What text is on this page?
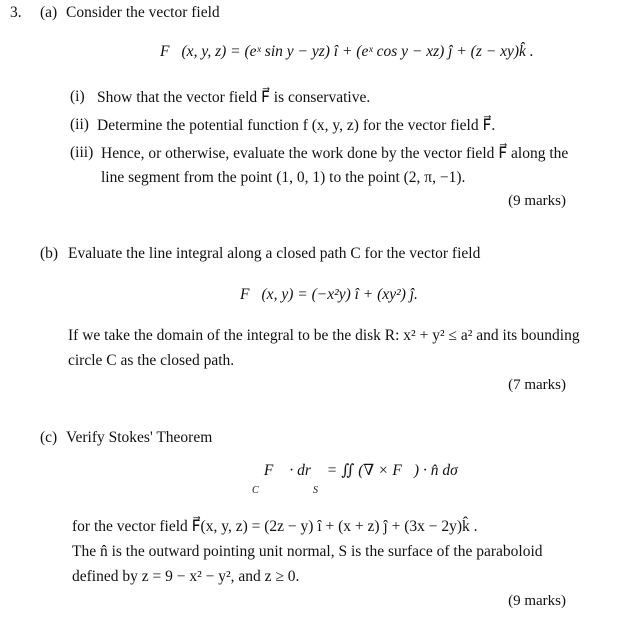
3. (a) Consider the vector field
F⃗(x, y, z) = (eˣ sin y − yz) î + (eˣ cos y − xz) ĵ + (z − xy)k̂ .
(i) Show that the vector field F⃗ is conservative.
(ii) Determine the potential function f (x, y, z) for the vector field F⃗.
(iii) Hence, or otherwise, evaluate the work done by the vector field F⃗ along the
line segment from the point (1, 0, 1) to the point (2, π, −1).
(9 marks)
(b) Evaluate the line integral along a closed path C for the vector field
F⃗(x, y) = (−x²y) î + (xy²) ĵ.
If we take the domain of the integral to be the disk R: x² + y² ≤ a² and its bounding
circle C as the closed path.
(7 marks)
(c) Verify Stokes' Theorem
∮ F⃗ · dr⃗ = ∬ (∇ × F⃗) · n̂ dσ
C	S
for the vector field F⃗(x, y, z) = (2z − y) î + (x + z) ĵ + (3x − 2y)k̂ .
The n̂ is the outward pointing unit normal, S is the surface of the paraboloid
defined by z = 9 − x² − y², and z ≥ 0.
(9 marks)
